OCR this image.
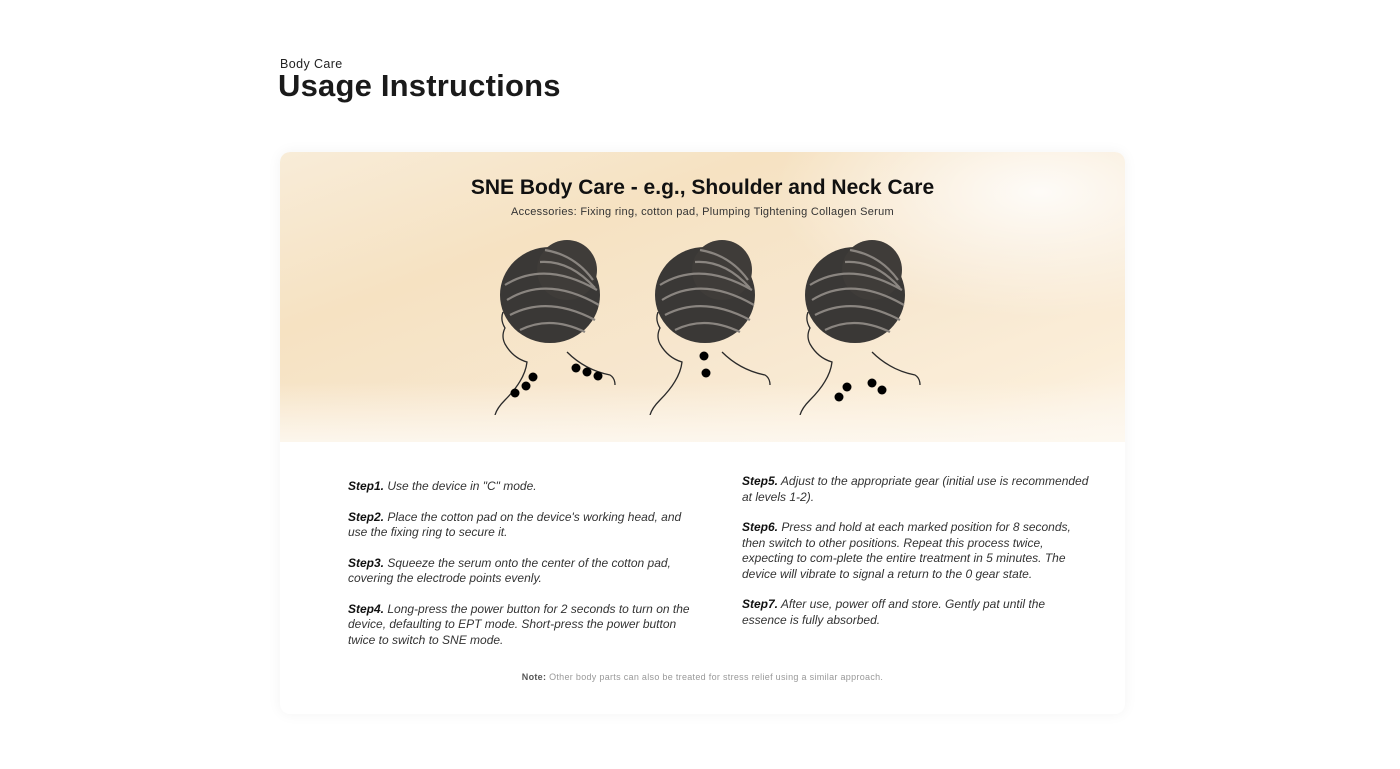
Body Care
Usage Instructions
SNE Body Care - e.g., Shoulder and Neck Care
Accessories: Fixing ring, cotton pad, Plumping Tightening Collagen Serum

Step1. Use the device in "C" mode.

Step2. Place the cotton pad on the device's working head, and use the fixing ring to secure it.

Step3. Squeeze the serum onto the center of the cotton pad, covering the electrode points evenly.

Step4. Long-press the power button for 2 seconds to turn on the device, defaulting to EPT mode. Short-press the power button twice to switch to SNE mode.

Step5. Adjust to the appropriate gear (initial use is recommended at levels 1-2).

Step6. Press and hold at each marked position for 8 seconds, then switch to other positions. Repeat this process twice, expecting to com-plete the entire treatment in 5 minutes. The device will vibrate to signal a return to the 0 gear state.

Step7. After use, power off and store. Gently pat until the essence is fully absorbed.

Note: Other body parts can also be treated for stress relief using a similar approach.
